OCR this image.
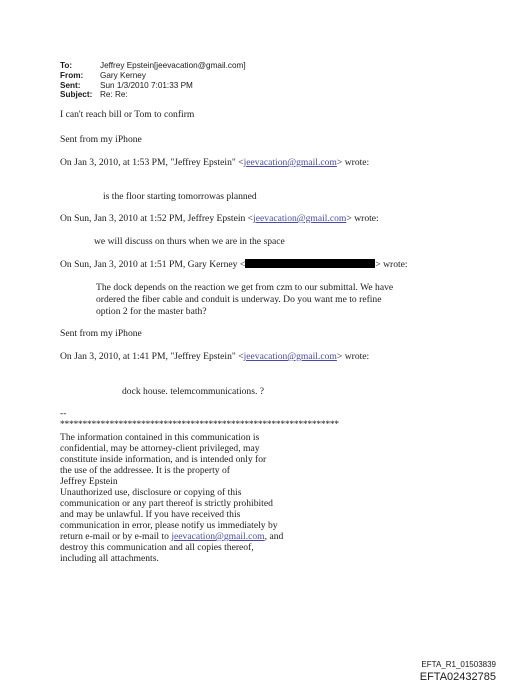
To:	Jeffrey Epstein[jeevacation@gmail.com]
From:	Gary Kerney
Sent:	Sun 1/3/2010 7:01:33 PM
Subject: Re: Re:
I can't reach bill or Tom to confirm
Sent from my iPhone
On Jan 3, 2010, at 1:53 PM, "Jeffrey Epstein" <jeevacation@gmail.com> wrote:
is the floor starting tomorrowas planned
On Sun, Jan 3, 2010 at 1:52 PM, Jeffrey Epstein <jeevacation@gmail.com> wrote:
we will discuss on thurs when we are in the space
On Sun, Jan 3, 2010 at 1:51 PM, Gary Kerney <	> wrote:
The dock depends on the reaction we get from czm to our submittal. We have
ordered the fiber cable and conduit is underway. Do you want me to refine
option 2 for the master bath?
Sent from my iPhone
On Jan 3, 2010, at 1:41 PM, "Jeffrey Epstein" <jeevacation@gmail.com> wrote:
dock house. telemcommunications. ?
--
**************************************************************
The information contained in this communication is
confidential, may be attorney-client privileged, may
constitute inside information, and is intended only for
the use of the addressee. It is the property of
Jeffrey Epstein
Unauthorized use, disclosure or copying of this
communication or any part thereof is strictly prohibited
and may be unlawful. If you have received this
communication in error, please notify us immediately by
return e-mail or by e-mail to jeevacation@gmail.com, and
destroy this communication and all copies thereof,
including all attachments.
EFTA_R1_01503839
EFTA02432785
